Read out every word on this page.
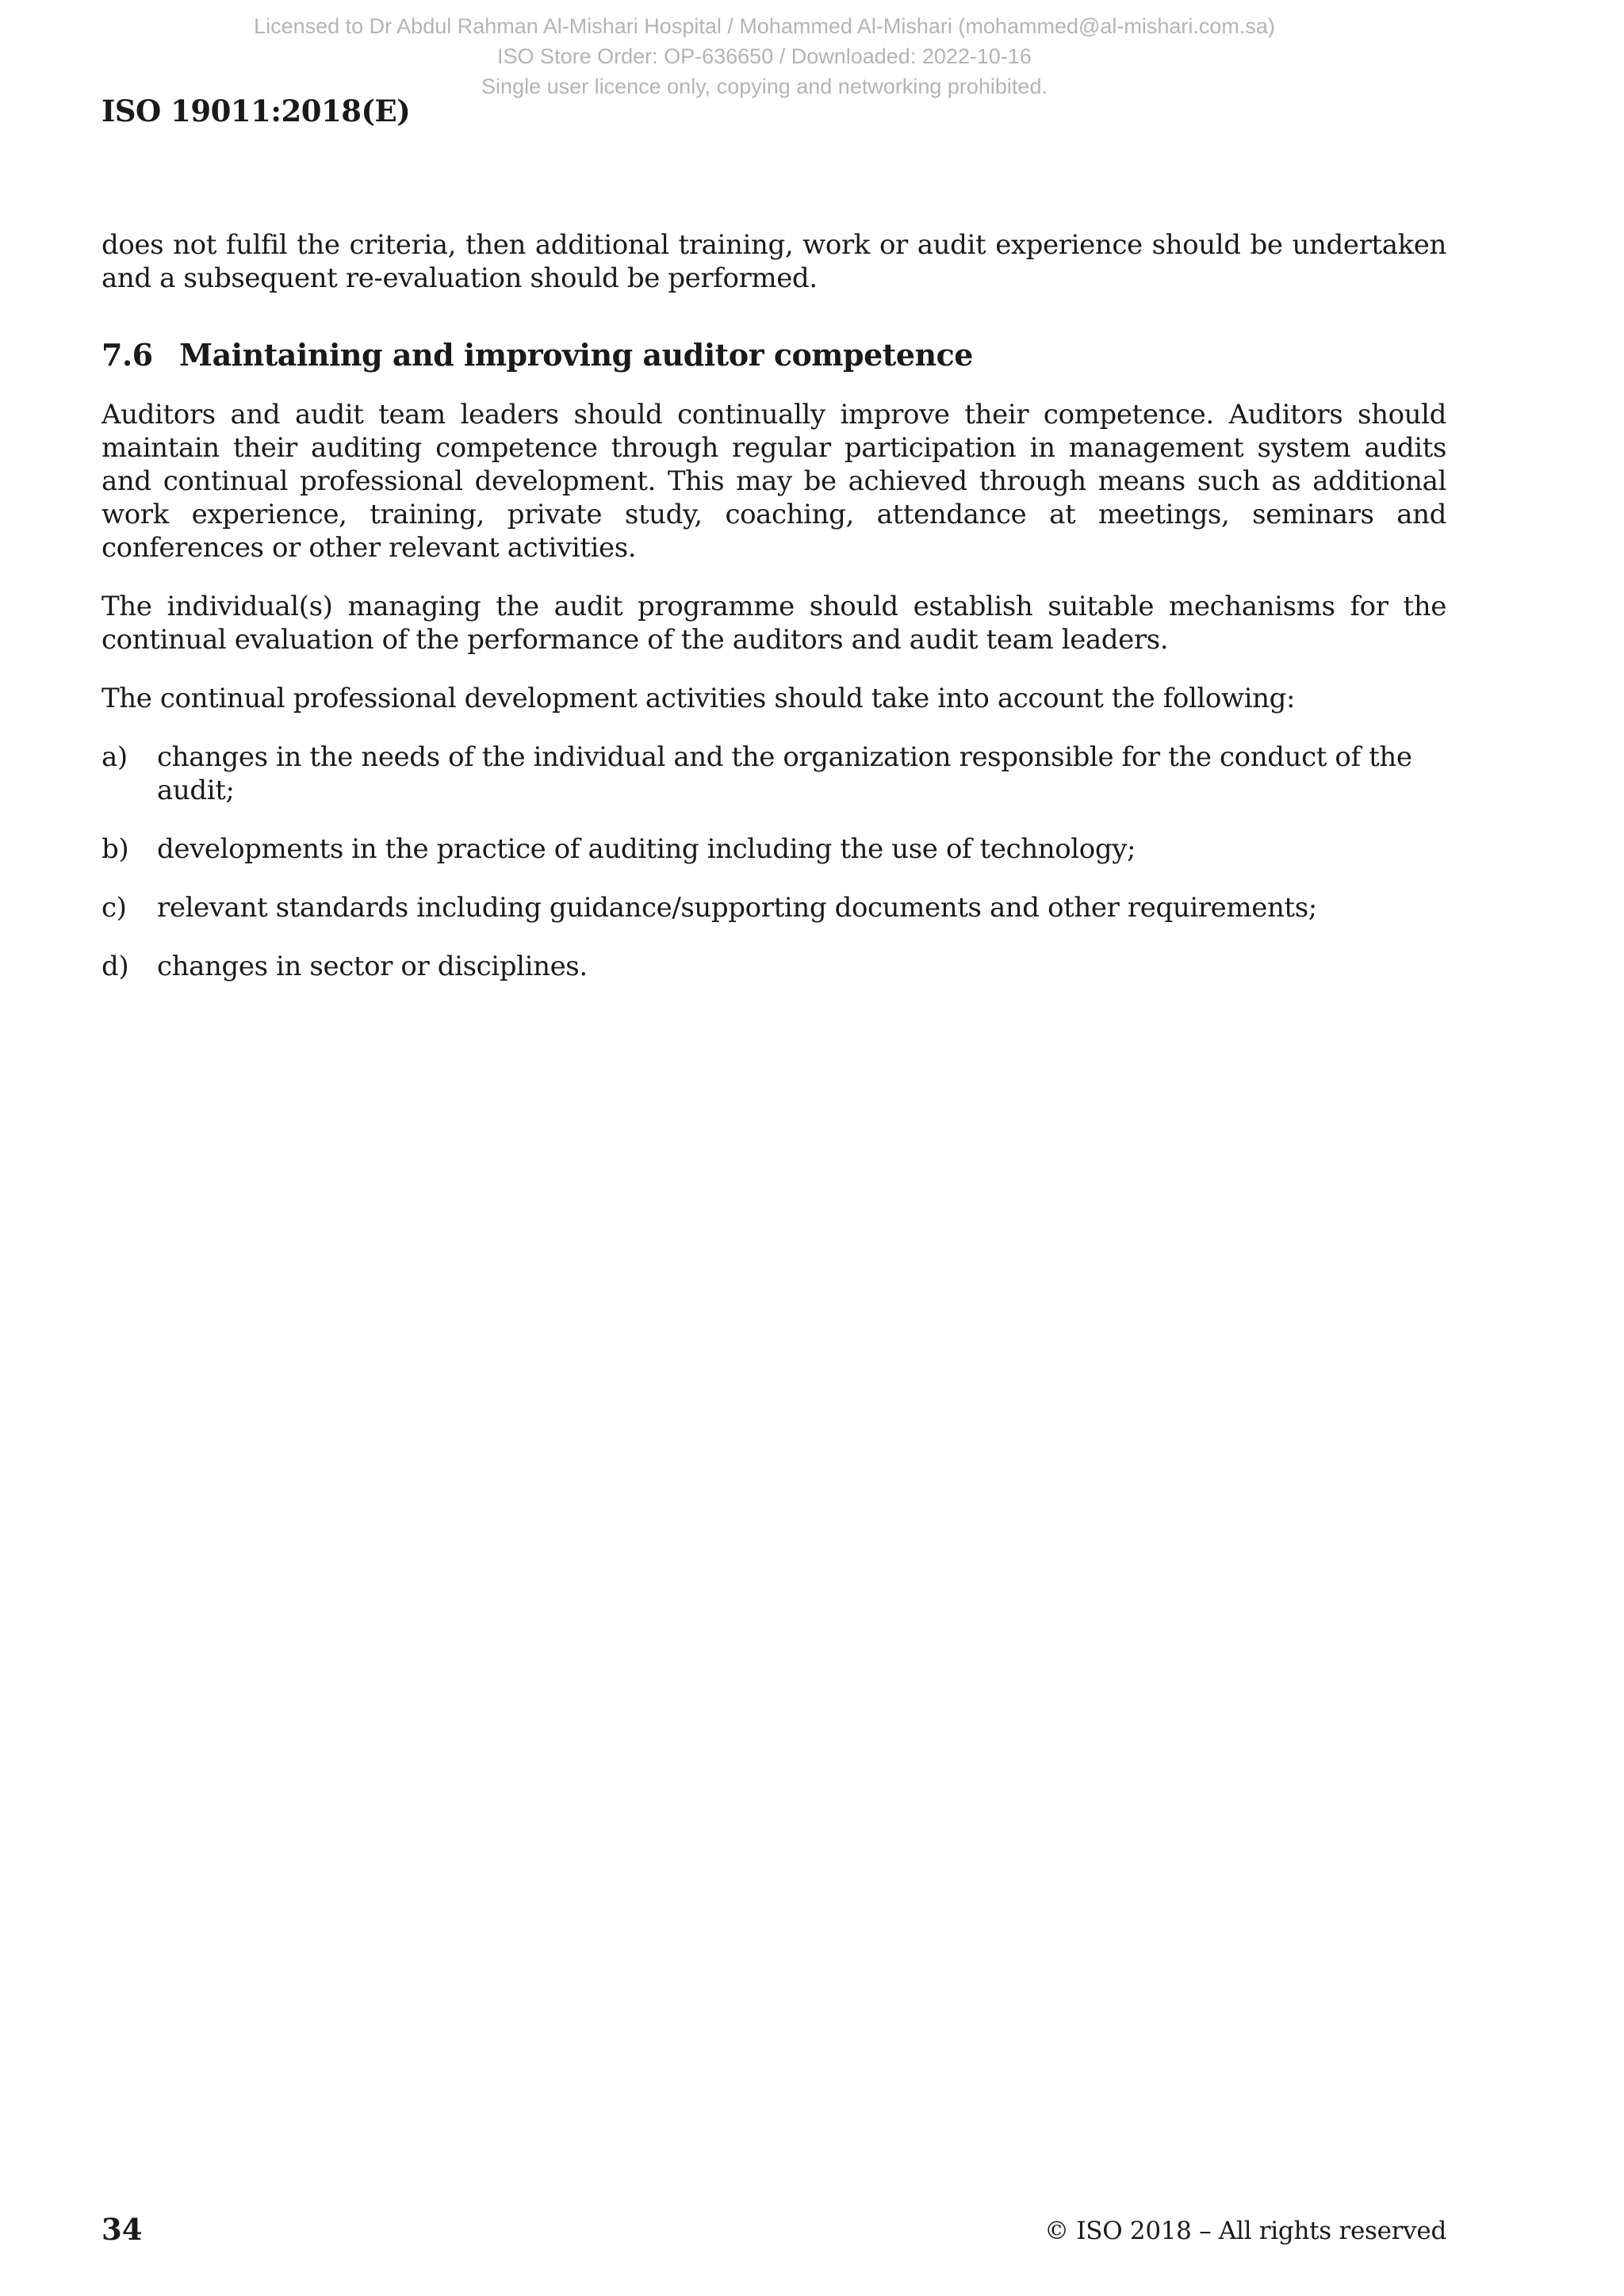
Licensed to Dr Abdul Rahman Al-Mishari Hospital / Mohammed Al-Mishari (mohammed@al-mishari.com.sa)
ISO Store Order: OP-636650 / Downloaded: 2022-10-16
Single user licence only, copying and networking prohibited.
ISO 19011:2018(E)

does not fulfil the criteria, then additional training, work or audit experience should be undertaken and a subsequent re-evaluation should be performed.

7.6 Maintaining and improving auditor competence

Auditors and audit team leaders should continually improve their competence. Auditors should maintain their auditing competence through regular participation in management system audits and continual professional development. This may be achieved through means such as additional work experience, training, private study, coaching, attendance at meetings, seminars and conferences or other relevant activities.

The individual(s) managing the audit programme should establish suitable mechanisms for the continual evaluation of the performance of the auditors and audit team leaders.

The continual professional development activities should take into account the following:

a)	changes in the needs of the individual and the organization responsible for the conduct of the audit;
b)	developments in the practice of auditing including the use of technology;
c)	relevant standards including guidance/supporting documents and other requirements;
d)	changes in sector or disciplines.
34	© ISO 2018 – All rights reserved
